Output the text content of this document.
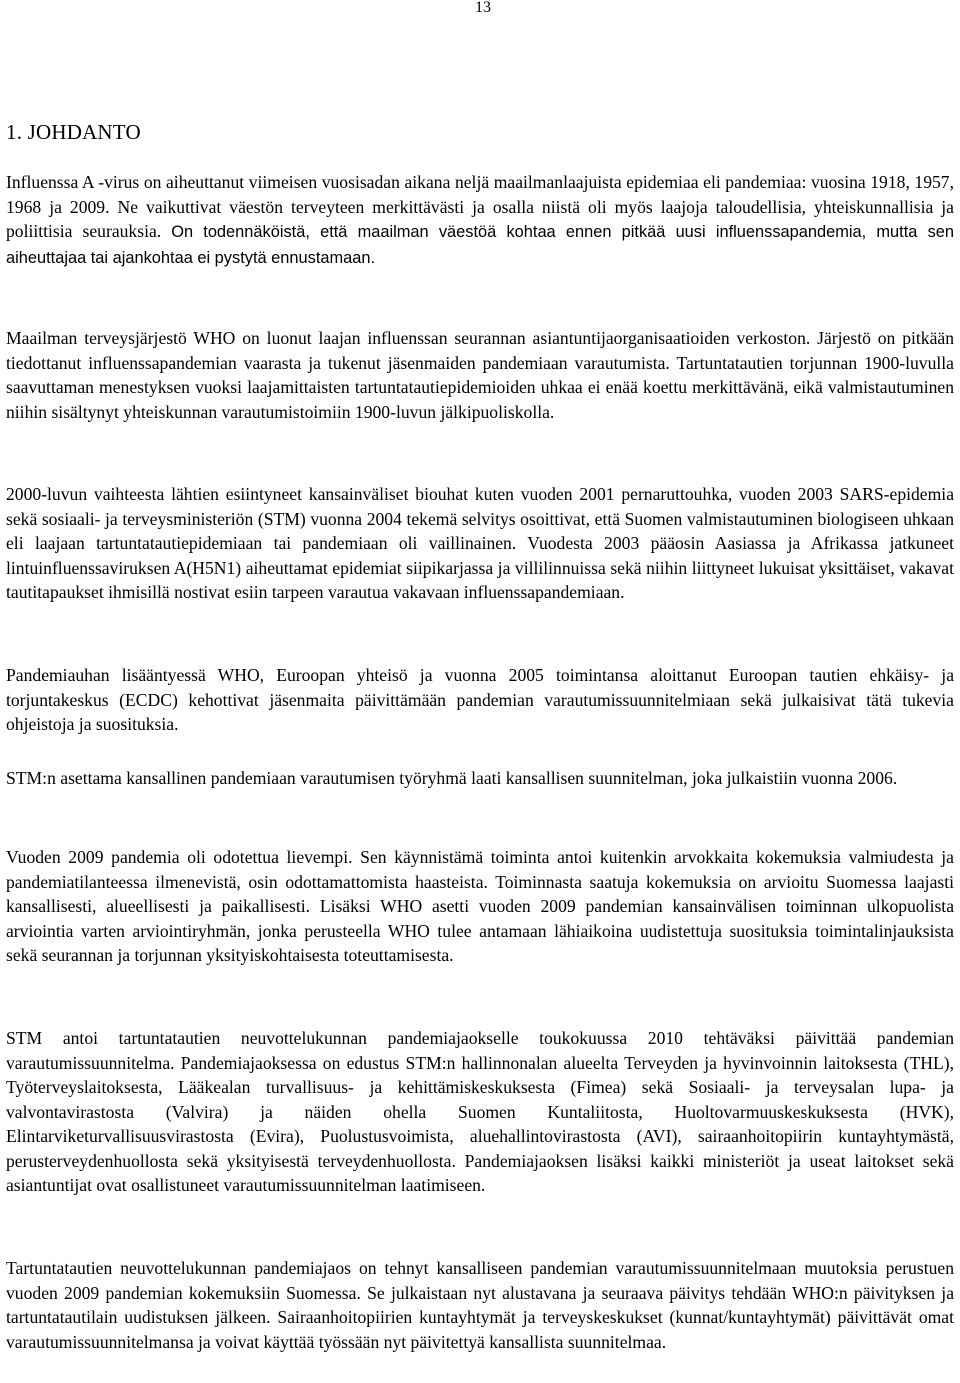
13
1. JOHDANTO

Influenssa A -virus on aiheuttanut viimeisen vuosisadan aikana neljä maailmanlaajuista epidemiaa eli pandemiaa: vuosina 1918, 1957, 1968 ja 2009. Ne vaikuttivat väestön terveyteen merkittävästi ja osalla niistä oli myös laajoja taloudellisia, yhteiskunnallisia ja poliittisia seurauksia. On todennäköistä, että maailman väestöä kohtaa ennen pitkää uusi influenssapandemia, mutta sen aiheuttajaa tai ajankohtaa ei pystytä ennustamaan.

Maailman terveysjärjestö WHO on luonut laajan influenssan seurannan asiantuntijaorganisaatioiden verkoston. Järjestö on pitkään tiedottanut influenssapandemian vaarasta ja tukenut jäsenmaiden pandemiaan varautumista. Tartuntatautien torjunnan 1900-luvulla saavuttaman menestyksen vuoksi laajamittaisten tartuntatautiepidemioiden uhkaa ei enää koettu merkittävänä, eikä valmistautuminen niihin sisältynyt yhteiskunnan varautumistoimiin 1900-luvun jälkipuoliskolla.

2000-luvun vaihteesta lähtien esiintyneet kansainväliset biouhat kuten vuoden 2001 pernaruttouhka, vuoden 2003 SARS-epidemia sekä sosiaali- ja terveysministeriön (STM) vuonna 2004 tekemä selvitys osoittivat, että Suomen valmistautuminen biologiseen uhkaan eli laajaan tartuntatautiepidemiaan tai pandemiaan oli vaillinainen. Vuodesta 2003 pääosin Aasiassa ja Afrikassa jatkuneet lintuinfluenssaviruksen A(H5N1) aiheuttamat epidemiat siipikarjassa ja villilinnuissa sekä niihin liittyneet lukuisat yksittäiset, vakavat tautitapaukset ihmisillä nostivat esiin tarpeen varautua vakavaan influenssapandemiaan.

Pandemiauhan lisääntyessä WHO, Euroopan yhteisö ja vuonna 2005 toimintansa aloittanut Euroopan tautien ehkäisy- ja torjuntakeskus (ECDC) kehottivat jäsenmaita päivittämään pandemian varautumissuunnitelmiaan sekä julkaisivat tätä tukevia ohjeistoja ja suosituksia.

STM:n asettama kansallinen pandemiaan varautumisen työryhmä laati kansallisen suunnitelman, joka julkaistiin vuonna 2006.

Vuoden 2009 pandemia oli odotettua lievempi. Sen käynnistämä toiminta antoi kuitenkin arvokkaita kokemuksia valmiudesta ja pandemiatilanteessa ilmenevistä, osin odottamattomista haasteista. Toiminnasta saatuja kokemuksia on arvioitu Suomessa laajasti kansallisesti, alueellisesti ja paikallisesti. Lisäksi WHO asetti vuoden 2009 pandemian kansainvälisen toiminnan ulkopuolista arviointia varten arviointiryhmän, jonka perusteella WHO tulee antamaan lähiaikoina uudistettuja suosituksia toimintalinjauksista sekä seurannan ja torjunnan yksityiskohtaisesta toteuttamisesta.

STM antoi tartuntatautien neuvottelukunnan pandemiajaokselle toukokuussa 2010 tehtäväksi päivittää pandemian varautumissuunnitelma. Pandemiajaoksessa on edustus STM:n hallinnonalan alueelta Terveyden ja hyvinvoinnin laitoksesta (THL), Työterveyslaitoksesta, Lääkealan turvallisuus- ja kehittämiskeskuksesta (Fimea) sekä Sosiaali- ja terveysalan lupa- ja valvontavirastosta (Valvira) ja näiden ohella Suomen Kuntaliitosta, Huoltovarmuuskeskuksesta (HVK), Elintarviketurvallisuusvirastosta (Evira), Puolustusvoimista, aluehallintovirastosta (AVI), sairaanhoitopiirin kuntayhtymästä, perusterveydenhuollosta sekä yksityisestä terveydenhuollosta. Pandemiajaoksen lisäksi kaikki ministeriöt ja useat laitokset sekä asiantuntijat ovat osallistuneet varautumissuunnitelman laatimiseen.

Tartuntatautien neuvottelukunnan pandemiajaos on tehnyt kansalliseen pandemian varautumissuunnitelmaan muutoksia perustuen vuoden 2009 pandemian kokemuksiin Suomessa. Se julkaistaan nyt alustavana ja seuraava päivitys tehdään WHO:n päivityksen ja tartuntatautilain uudistuksen jälkeen. Sairaanhoitopiirien kuntayhtymät ja terveyskeskukset (kunnat/kuntayhtymät) päivittävät omat varautumissuunnitelmansa ja voivat käyttää työssään nyt päivitettyä kansallista suunnitelmaa.
